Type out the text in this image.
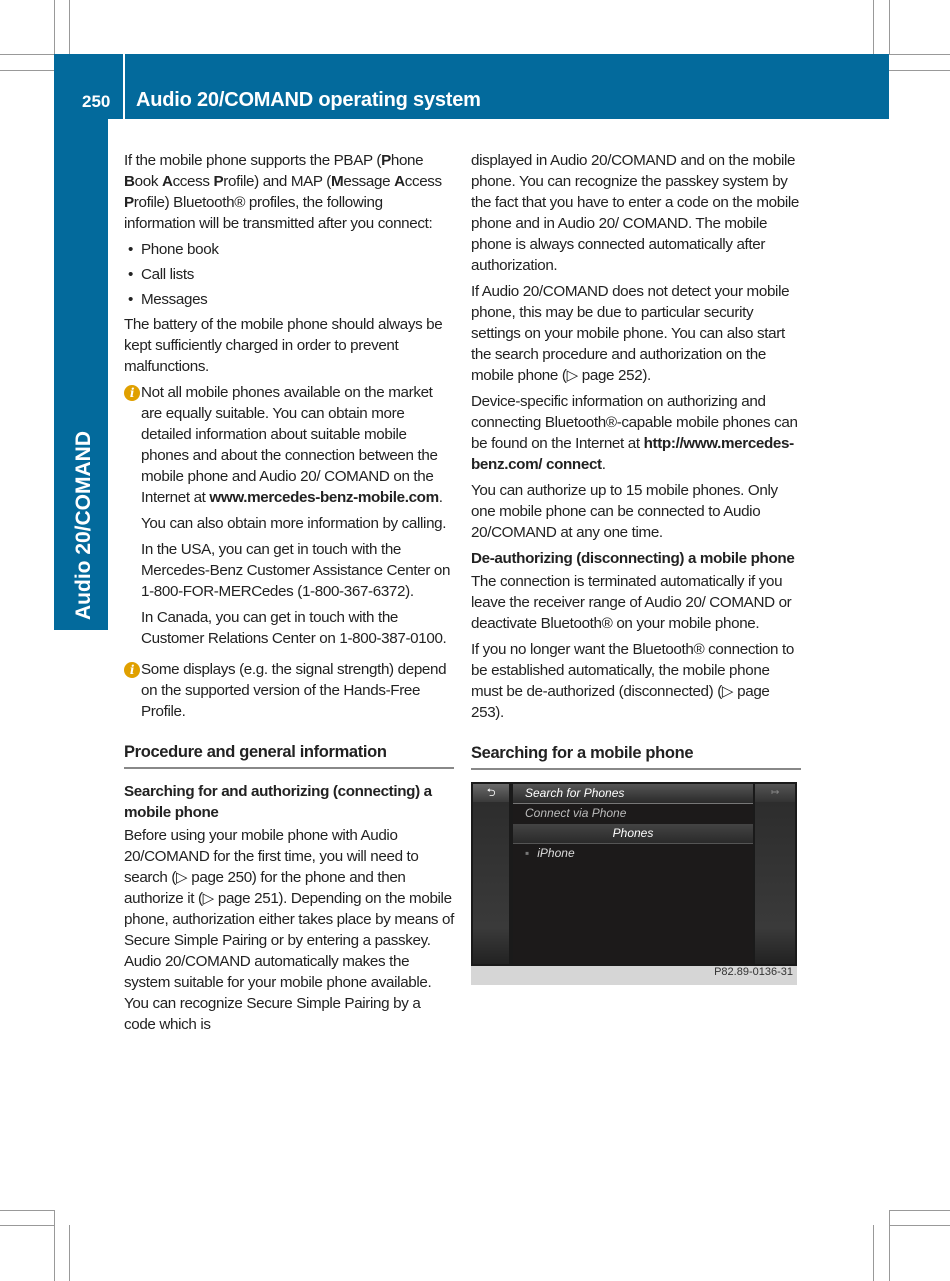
250 Audio 20/COMAND operating system
Audio 20/COMAND
If the mobile phone supports the PBAP (Phone Book Access Profile) and MAP (Message Access Profile) Bluetooth® profiles, the following information will be transmitted after you connect:
• Phone book
• Call lists
• Messages
The battery of the mobile phone should always be kept sufficiently charged in order to prevent malfunctions.
i Not all mobile phones available on the market are equally suitable. You can obtain more detailed information about suitable mobile phones and about the connection between the mobile phone and Audio 20/ COMAND on the Internet at www.mercedes-benz-mobile.com.
You can also obtain more information by calling.
In the USA, you can get in touch with the Mercedes-Benz Customer Assistance Center on 1-800-FOR-MERCedes (1-800-367-6372).
In Canada, you can get in touch with the Customer Relations Center on 1-800-387-0100.
i Some displays (e.g. the signal strength) depend on the supported version of the Hands-Free Profile.
Procedure and general information
Searching for and authorizing (connecting) a mobile phone
Before using your mobile phone with Audio 20/COMAND for the first time, you will need to search (▷ page 250) for the phone and then authorize it (▷ page 251). Depending on the mobile phone, authorization either takes place by means of Secure Simple Pairing or by entering a passkey. Audio 20/COMAND automatically makes the system suitable for your mobile phone available. You can recognize Secure Simple Pairing by a code which is
displayed in Audio 20/COMAND and on the mobile phone. You can recognize the passkey system by the fact that you have to enter a code on the mobile phone and in Audio 20/ COMAND. The mobile phone is always connected automatically after authorization.
If Audio 20/COMAND does not detect your mobile phone, this may be due to particular security settings on your mobile phone. You can also start the search procedure and authorization on the mobile phone (▷ page 252).
Device-specific information on authorizing and connecting Bluetooth®-capable mobile phones can be found on the Internet at http://www.mercedes-benz.com/ connect.
You can authorize up to 15 mobile phones. Only one mobile phone can be connected to Audio 20/COMAND at any one time.
De-authorizing (disconnecting) a mobile phone
The connection is terminated automatically if you leave the receiver range of Audio 20/ COMAND or deactivate Bluetooth® on your mobile phone.
If you no longer want the Bluetooth® connection to be established automatically, the mobile phone must be de-authorized (disconnected) (▷ page 253).
Searching for a mobile phone
⮌	↦
Search for Phones
Connect via Phone
Phones
▪ iPhone
P82.89-0136-31
